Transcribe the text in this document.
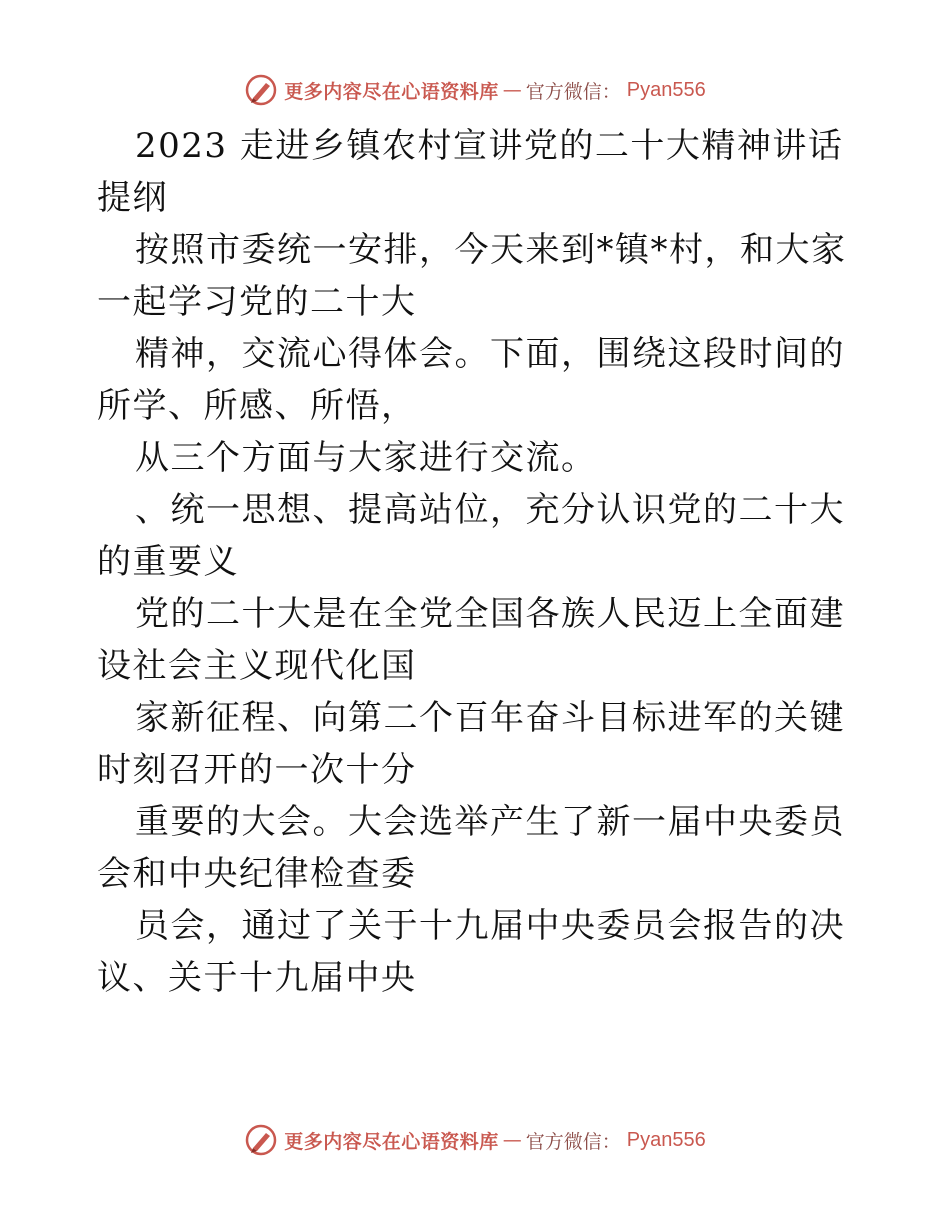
更多内容尽在心语资料库 — 官方微信： Pyan556

2023 走进乡镇农村宣讲党的二十大精神讲话提纲

按照市委统一安排，今天来到*镇*村，和大家一起学习党的二十大

精神，交流心得体会。下面，围绕这段时间的所学、所感、所悟，

从三个方面与大家进行交流。

、统一思想、提高站位，充分认识党的二十大的重要义

党的二十大是在全党全国各族人民迈上全面建设社会主义现代化国

家新征程、向第二个百年奋斗目标进军的关键时刻召开的一次十分

重要的大会。大会选举产生了新一届中央委员会和中央纪律检查委

员会，通过了关于十九届中央委员会报告的决议、关于十九届中央

更多内容尽在心语资料库 — 官方微信： Pyan556
